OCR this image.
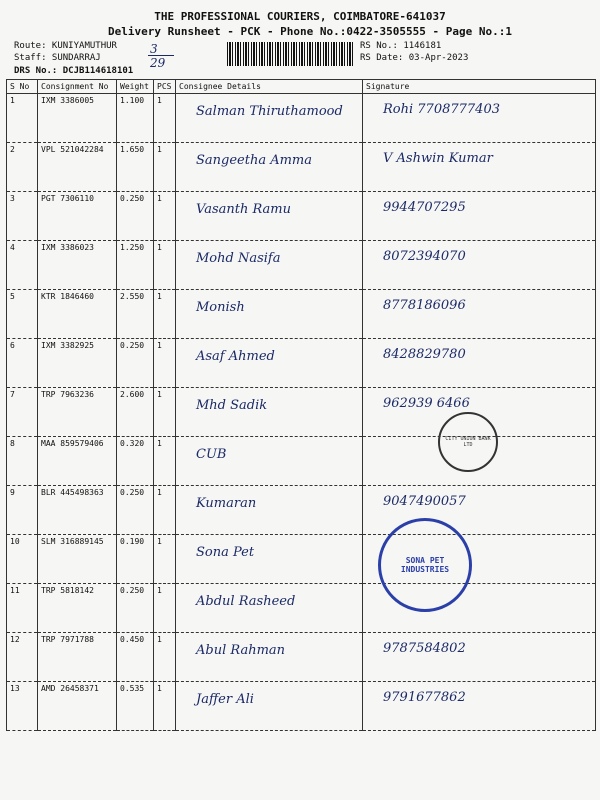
THE PROFESSIONAL COURIERS, COIMBATORE-641037
Delivery Runsheet - PCK - Phone No.:0422-3505555 - Page No.:1
Route: KUNIYAMUTHUR
Staff: SUNDARRAJ
DRS No.: DCJB114618101
3
29
RS No.: 1146181
RS Date: 03-Apr-2023
S No	Consignment No	Weight	PCS	Consignee Details	Signature
1	IXM 3386005	1.100	1	Salman Thiruthamood	Rohi 7708777403

2	VPL 521042284	1.650	1	Sangeetha Amma	V Ashwin Kumar

3	PGT 7306110	0.250	1	Vasanth Ramu	9944707295

4	IXM 3386023	1.250	1	Mohd Nasifa	8072394070

5	KTR 1846460	2.550	1	Monish	8778186096

6	IXM 3382925	0.250	1	Asaf Ahmed	8428829780

7	TRP 7963236	2.600	1	Mhd Sadik	962939 6466

8	MAA 859579406	0.320	1	CUB	

9	BLR 445498363	0.250	1	Kumaran	9047490057

10	SLM 316889145	0.190	1	Sona Pet	

11	TRP 5818142	0.250	1	Abdul Rasheed	

12	TRP 7971788	0.450	1	Abul Rahman	9787584802

13	AMD 26458371	0.535	1	Jaffer Ali	9791677862
CITY UNION BANK LTD
SONA PET INDUSTRIES
